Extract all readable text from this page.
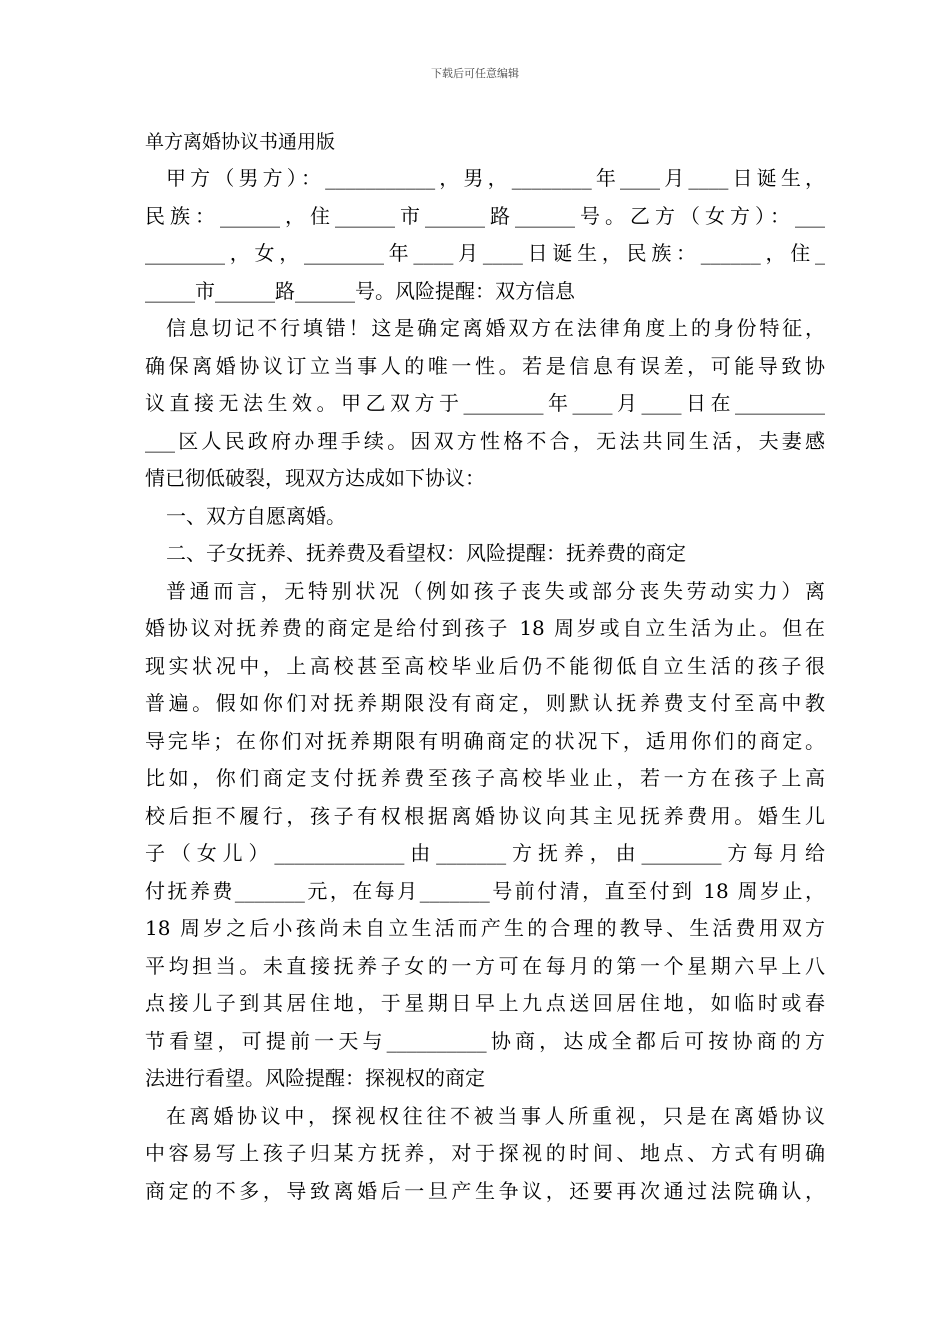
下载后可任意编辑
单方离婚协议书通用版
甲方（男方）：___________，男，________年____月____日诞生，
民族：______，住______市______路______号。乙方（女方）：___
________，女，________年____月____日诞生，民族：______，住_
_____市______路______号。风险提醒：双方信息
信息切记不行填错！这是确定离婚双方在法律角度上的身份特征，
确保离婚协议订立当事人的唯一性。若是信息有误差，可能导致协
议直接无法生效。甲乙双方于________年____月____日在_________
___区人民政府办理手续。因双方性格不合，无法共同生活，夫妻感
情已彻低破裂，现双方达成如下协议：
一、双方自愿离婚。
二、子女抚养、抚养费及看望权：风险提醒：抚养费的商定
普通而言，无特别状况（例如孩子丧失或部分丧失劳动实力）离
婚协议对抚养费的商定是给付到孩子 18 周岁或自立生活为止。但在
现实状况中，上高校甚至高校毕业后仍不能彻低自立生活的孩子很
普遍。假如你们对抚养期限没有商定，则默认抚养费支付至高中教
导完毕；在你们对抚养期限有明确商定的状况下，适用你们的商定。
比如，你们商定支付抚养费至孩子高校毕业止，若一方在孩子上高
校后拒不履行，孩子有权根据离婚协议向其主见抚养费用。婚生儿
子（女儿）_____________由_______方抚养，由________方每月给
付抚养费_______元，在每月_______号前付清，直至付到 18 周岁止，
18 周岁之后小孩尚未自立生活而产生的合理的教导、生活费用双方
平均担当。未直接抚养子女的一方可在每月的第一个星期六早上八
点接儿子到其居住地，于星期日早上九点送回居住地，如临时或春
节看望，可提前一天与__________协商，达成全都后可按协商的方
法进行看望。风险提醒：探视权的商定
在离婚协议中，探视权往往不被当事人所重视，只是在离婚协议
中容易写上孩子归某方抚养，对于探视的时间、地点、方式有明确
商定的不多，导致离婚后一旦产生争议，还要再次通过法院确认，
